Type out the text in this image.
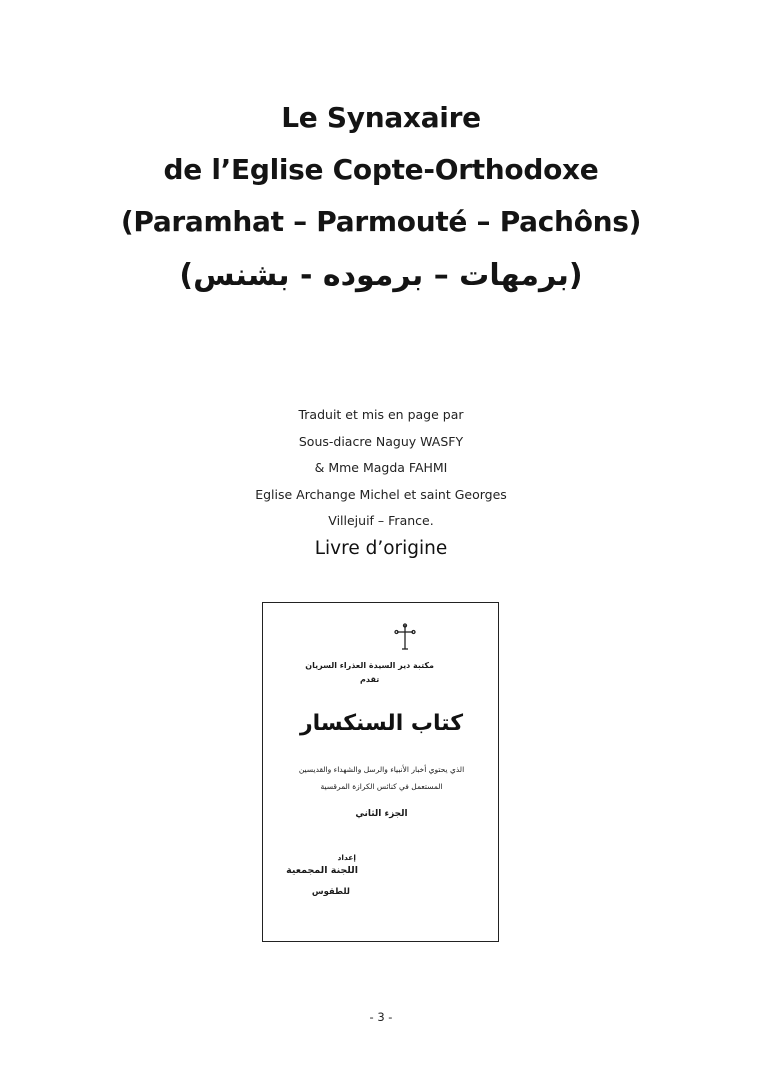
Le Synaxaire
de l’Eglise Copte-Orthodoxe
(Paramhat – Parmouté – Pachôns)
(برمهات – برموده - بشنس)
Traduit et mis en page par
Sous-diacre Naguy WASFY
& Mme Magda FAHMI
Eglise Archange Michel et saint Georges
Villejuif – France.
Livre d’origine
مكتبة دير السيدة العذراء السريان
تقدم
كتاب السنكسار
الذي يحتوي أخبار الأنبياء والرسل والشهداء والقديسين
المستعمل في كنائس الكرازة المرقسية
الجزء الثاني
إعداد
اللجنة المجمعية
للطقوس
- 3 -
